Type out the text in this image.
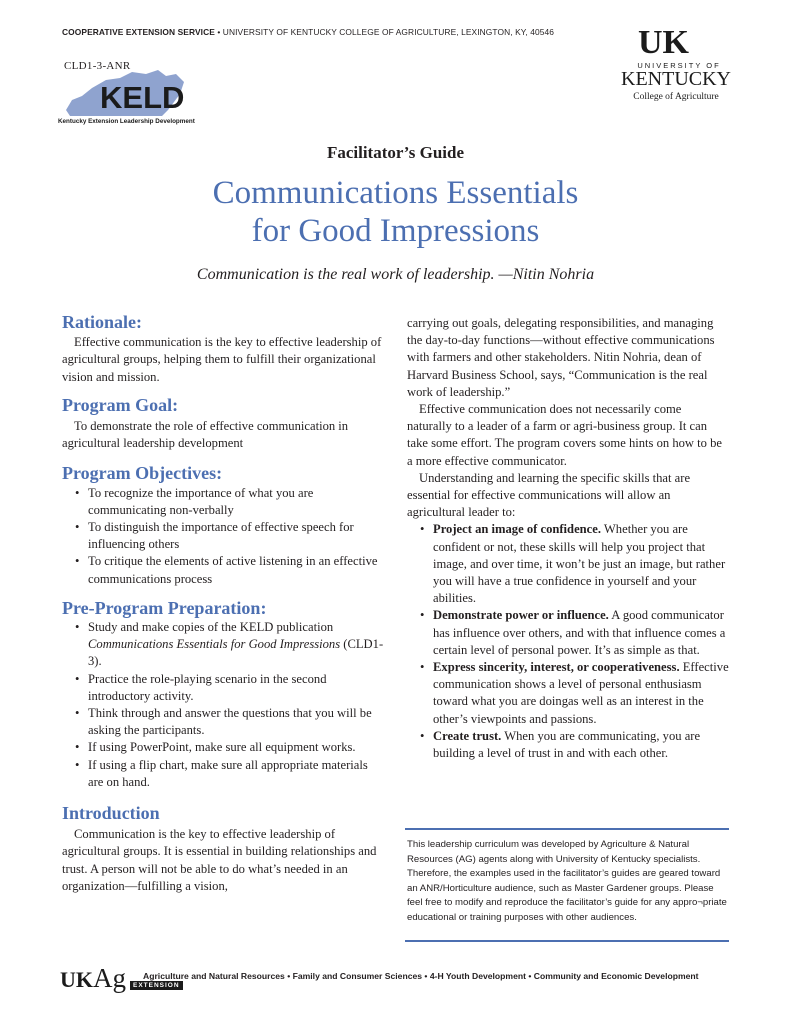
COOPERATIVE EXTENSION SERVICE • UNIVERSITY OF KENTUCKY COLLEGE OF AGRICULTURE, LEXINGTON, KY, 40546
CLD1-3-ANR
KELD
Kentucky Extension Leadership Development
UK
UNIVERSITY OF
KENTUCKY
College of Agriculture
Facilitator’s Guide
Communications Essentials
for Good Impressions
Communication is the real work of leadership. —Nitin Nohria
Rationale:

Effective communication is the key to effective leadership of agricultural groups, helping them to fulfill their organizational vision and mission.

Program Goal:

To demonstrate the role of effective communication in agricultural leadership development

Program Objectives:
• To recognize the importance of what you are communicating non-verbally
• To distinguish the importance of effective speech for influencing others
• To critique the elements of active listening in an effective communications process
Pre-Program Preparation:
• Study and make copies of the KELD publication Communications Essentials for Good Impressions (CLD1-3).
• Practice the role-playing scenario in the second introductory activity.
• Think through and answer the questions that you will be asking the participants.
• If using PowerPoint, make sure all equipment works.
• If using a flip chart, make sure all appropriate materials are on hand.
Introduction

Communication is the key to effective leadership of agricultural groups. It is essential in building relationships and trust. A person will not be able to do what’s needed in an organization—fulfilling a vision,

carrying out goals, delegating responsibilities, and managing the day-to-day functions—without effective communications with farmers and other stakeholders. Nitin Nohria, dean of Harvard Business School, says, “Communication is the real work of leadership.”

Effective communication does not necessarily come naturally to a leader of a farm or agri-business group. It can take some effort. The program covers some hints on how to be a more effective communicator.

Understanding and learning the specific skills that are essential for effective communications will allow an agricultural leader to:

• Project an image of confidence. Whether you are confident or not, these skills will help you project that image, and over time, it won’t be just an image, but rather you will have a true confidence in yourself and your abilities.
• Demonstrate power or influence. A good communicator has influence over others, and with that influence comes a certain level of personal power. It’s as simple as that.
• Express sincerity, interest, or cooperativeness. Effective communication shows a level of personal enthusiasm toward what you are doingas well as an interest in the other’s viewpoints and passions.
• Create trust. When you are communicating, you are building a level of trust in and with each other.
This leadership curriculum was developed by Agriculture & Natural Resources (AG) agents along with University of Kentucky specialists. Therefore, the examples used in the facilitator’s guides are geared toward an ANR/Horticulture audience, such as Master Gardener groups. Please feel free to modify and reproduce the facilitator’s guide for any appro¬priate educational or training purposes with other audiences.
UKAg EXTENSION
Agriculture and Natural Resources • Family and Consumer Sciences • 4-H Youth Development • Community and Economic Development
